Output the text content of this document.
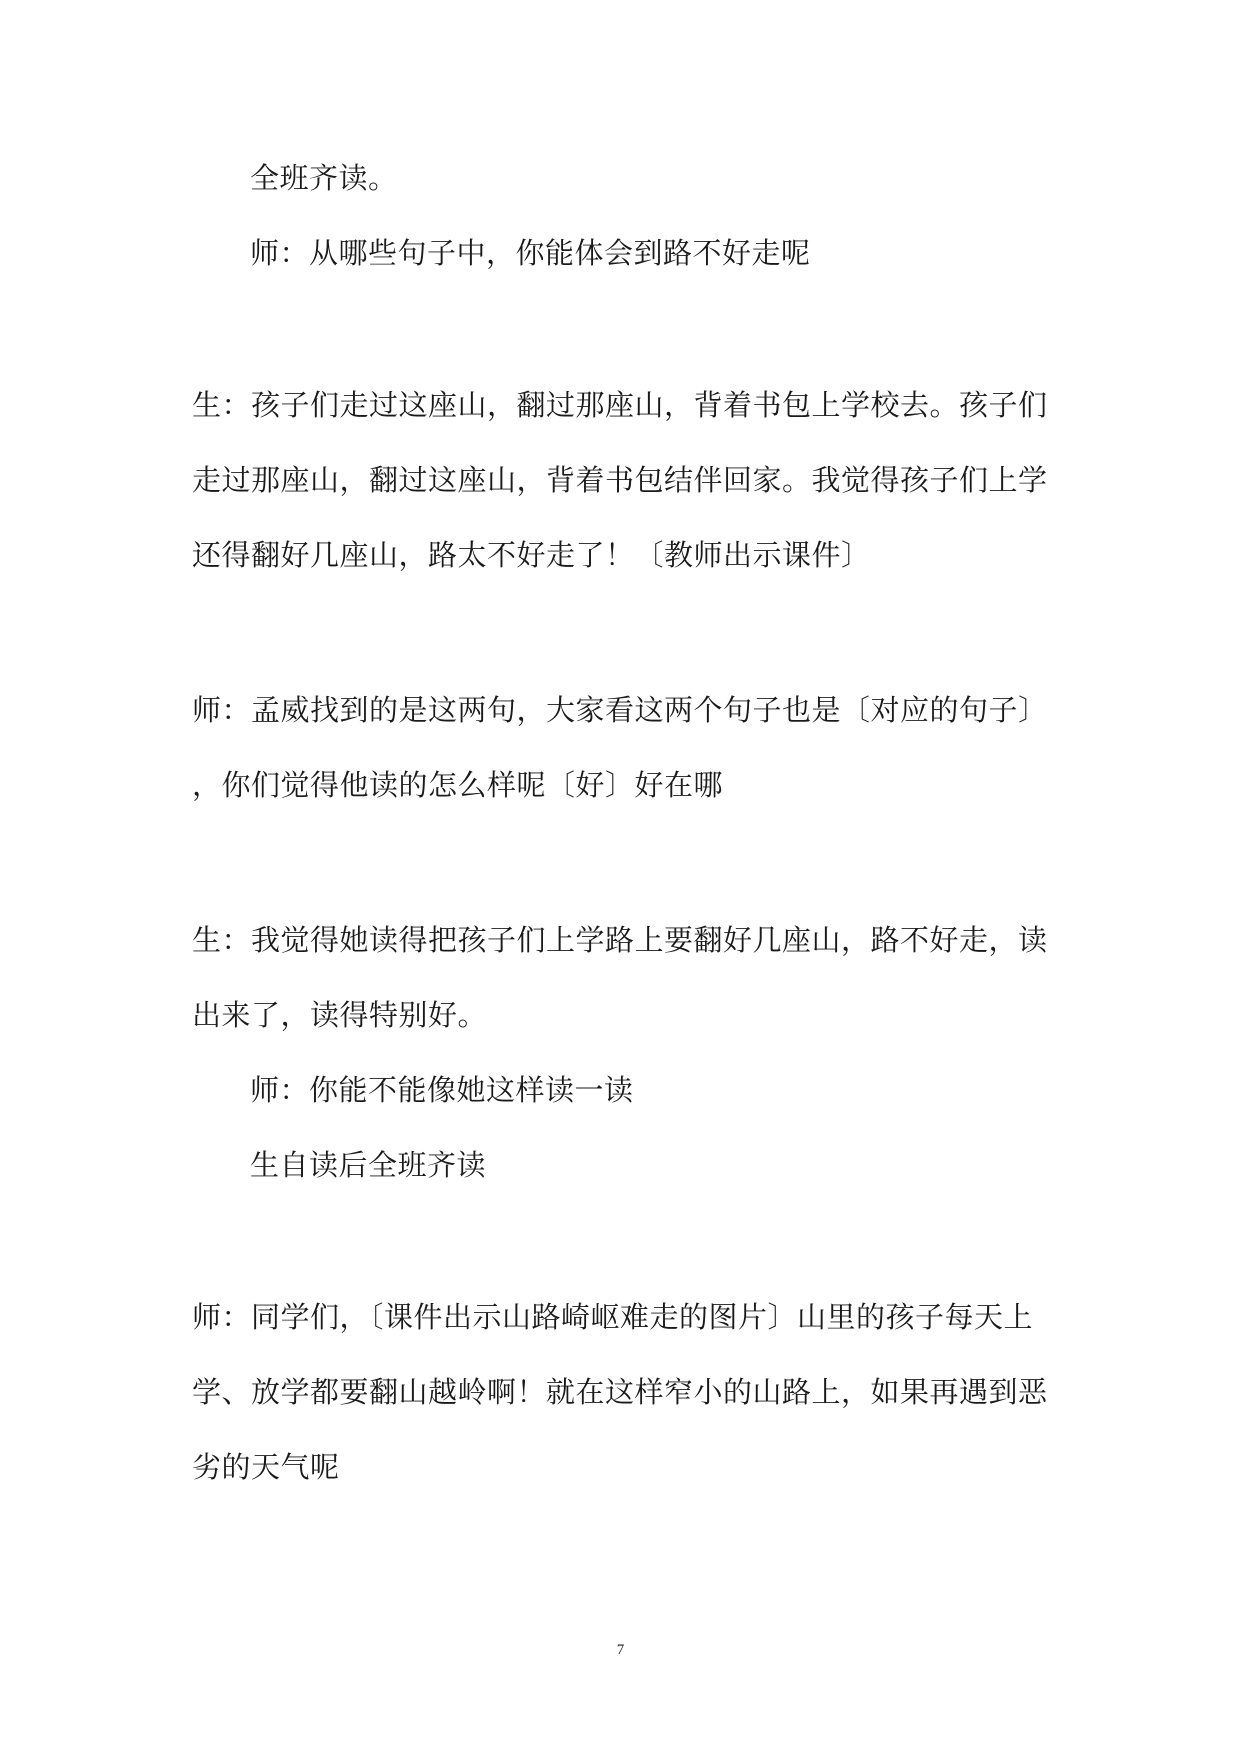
全班齐读。
师：从哪些句子中，你能体会到路不好走呢
生：孩子们走过这座山，翻过那座山，背着书包上学校去。孩子们
走过那座山，翻过这座山，背着书包结伴回家。我觉得孩子们上学
还得翻好几座山，路太不好走了！〔教师出示课件〕
师：孟威找到的是这两句，大家看这两个句子也是〔对应的句子〕
，你们觉得他读的怎么样呢〔好〕好在哪
生：我觉得她读得把孩子们上学路上要翻好几座山，路不好走，读
出来了，读得特别好。
师：你能不能像她这样读一读
生自读后全班齐读
师：同学们，〔课件出示山路崎岖难走的图片〕山里的孩子每天上
学、放学都要翻山越岭啊！就在这样窄小的山路上，如果再遇到恶
劣的天气呢
7
